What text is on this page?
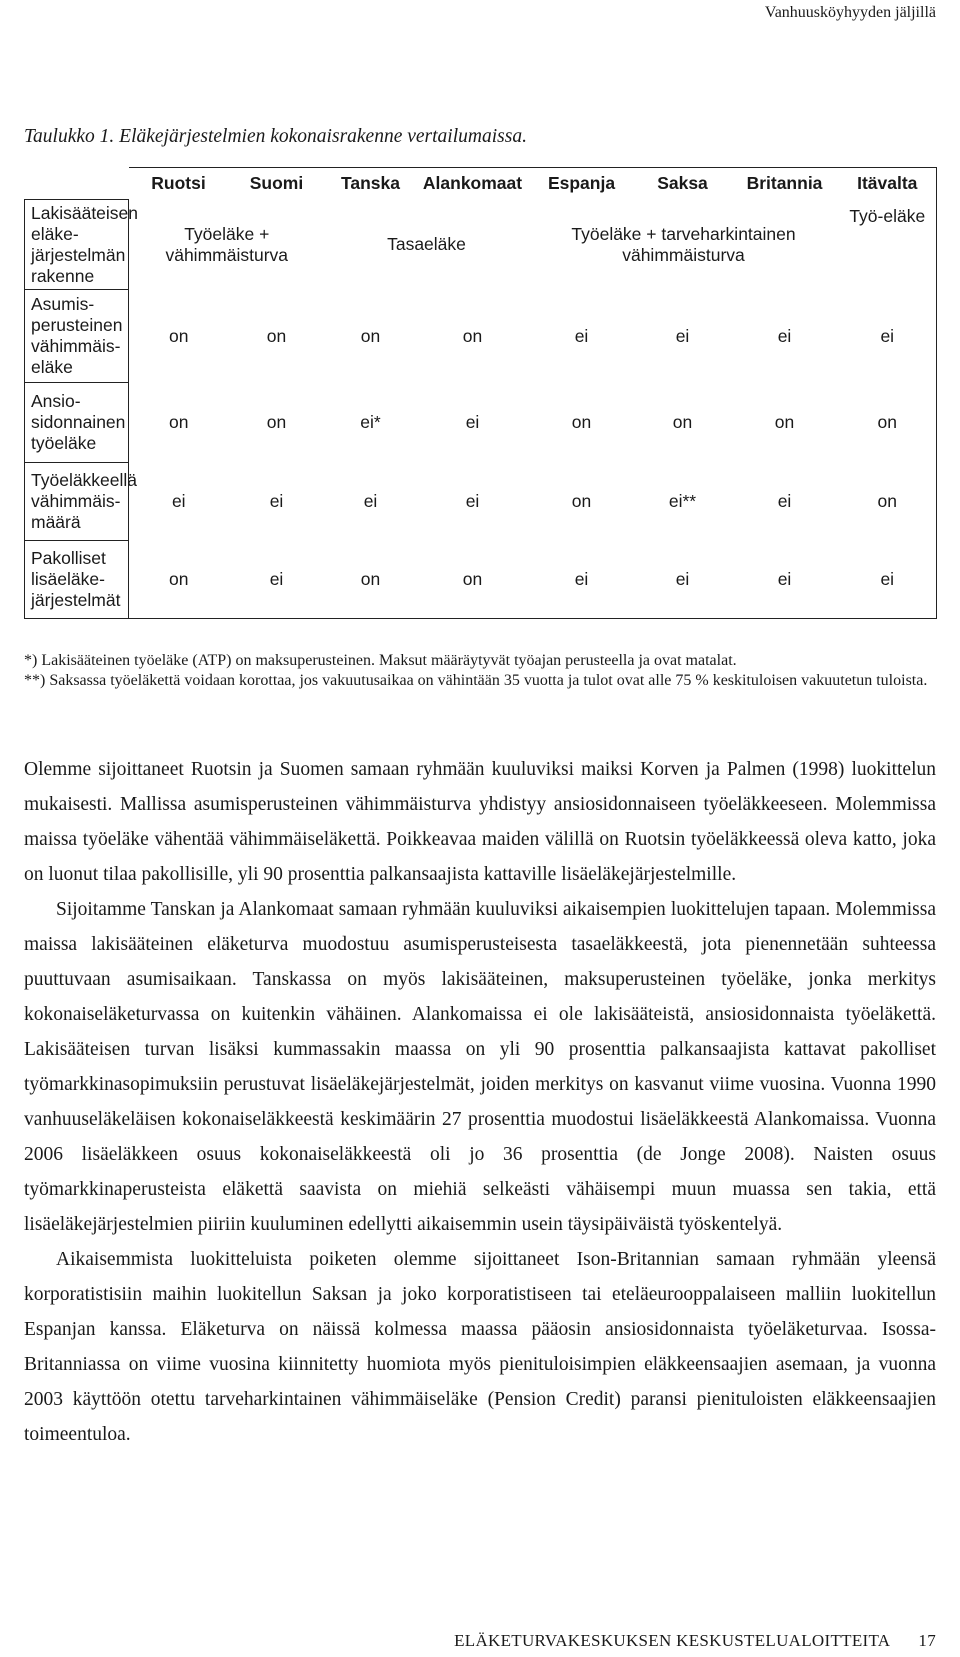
Vanhuusköyhyyden jäljillä
Taulukko 1. Eläkejärjestelmien kokonaisrakenne vertailumaissa.
	Ruotsi	Suomi	Tanska	Alankomaat	Espanja	Saksa	Britannia	Itävalta
Lakisääteisen eläke-järjestelmän rakenne	Työeläke + vähimmäisturva		Tasaeläke		Työeläke + tarveharkintainen vähimmäisturva			Työ-eläke
Asumis-perusteinen vähimmäis-eläke	on	on	on	on	ei	ei	ei	ei
Ansio-sidonnainen työeläke	on	on	ei*	ei	on	on	on	on
Työeläkkeellä vähimmäis-määrä	ei	ei	ei	ei	on	ei**	ei	on
Pakolliset lisäeläke-järjestelmät	on	ei	on	on	ei	ei	ei	ei

*) Lakisääteinen työeläke (ATP) on maksuperusteinen. Maksut määräytyvät työajan perusteella ja ovat matalat.

**) Saksassa työeläkettä voidaan korottaa, jos vakuutusaikaa on vähintään 35 vuotta ja tulot ovat alle 75 % keskituloisen vakuutetun tuloista.

Olemme sijoittaneet Ruotsin ja Suomen samaan ryhmään kuuluviksi maiksi Korven ja Palmen (1998) luokittelun mukaisesti. Mallissa asumisperusteinen vähimmäisturva yhdistyy ansiosidonnaiseen työeläkkeeseen. Molemmissa maissa työeläke vähentää vähimmäiseläkettä. Poikkeavaa maiden välillä on Ruotsin työeläkkeessä oleva katto, joka on luonut tilaa pakollisille, yli 90 prosenttia palkansaajista kattaville lisäeläkejärjestelmille.

Sijoitamme Tanskan ja Alankomaat samaan ryhmään kuuluviksi aikaisempien luokittelujen tapaan. Molemmissa maissa lakisääteinen eläketurva muodostuu asumisperusteisesta tasaeläkkeestä, jota pienennetään suhteessa puuttuvaan asumisaikaan. Tanskassa on myös lakisääteinen, maksuperusteinen työeläke, jonka merkitys kokonaiseläketurvassa on kuitenkin vähäinen. Alankomaissa ei ole lakisääteistä, ansiosidonnaista työeläkettä. Lakisääteisen turvan lisäksi kummassakin maassa on yli 90 prosenttia palkansaajista kattavat pakolliset työmarkkinasopimuksiin perustuvat lisäeläkejärjestelmät, joiden merkitys on kasvanut viime vuosina. Vuonna 1990 vanhuuseläkeläisen kokonaiseläkkeestä keskimäärin 27 prosenttia muodostui lisäeläkkeestä Alankomaissa. Vuonna 2006 lisäeläkkeen osuus kokonaiseläkkeestä oli jo 36 prosenttia (de Jonge 2008). Naisten osuus työmarkkinaperusteista eläkettä saavista on miehiä selkeästi vähäisempi muun muassa sen takia, että lisäeläkejärjestelmien piiriin kuuluminen edellytti aikaisemmin usein täysipäiväistä työskentelyä.

Aikaisemmista luokitteluista poiketen olemme sijoittaneet Ison-Britannian samaan ryhmään yleensä korporatistisiin maihin luokitellun Saksan ja joko korporatistiseen tai eteläeurooppalaiseen malliin luokitellun Espanjan kanssa. Eläketurva on näissä kolmessa maassa pääosin ansiosidonnaista työeläketurvaa. Isossa-Britanniassa on viime vuosina kiinnitetty huomiota myös pienituloisimpien eläkkeensaajien asemaan, ja vuonna 2003 käyttöön otettu tarveharkintainen vähimmäiseläke (Pension Credit) paransi pienituloisten eläkkeensaajien toimeentuloa.

ELÄKETURVAKESKUKSEN KESKUSTELUALOITTEITA 17
